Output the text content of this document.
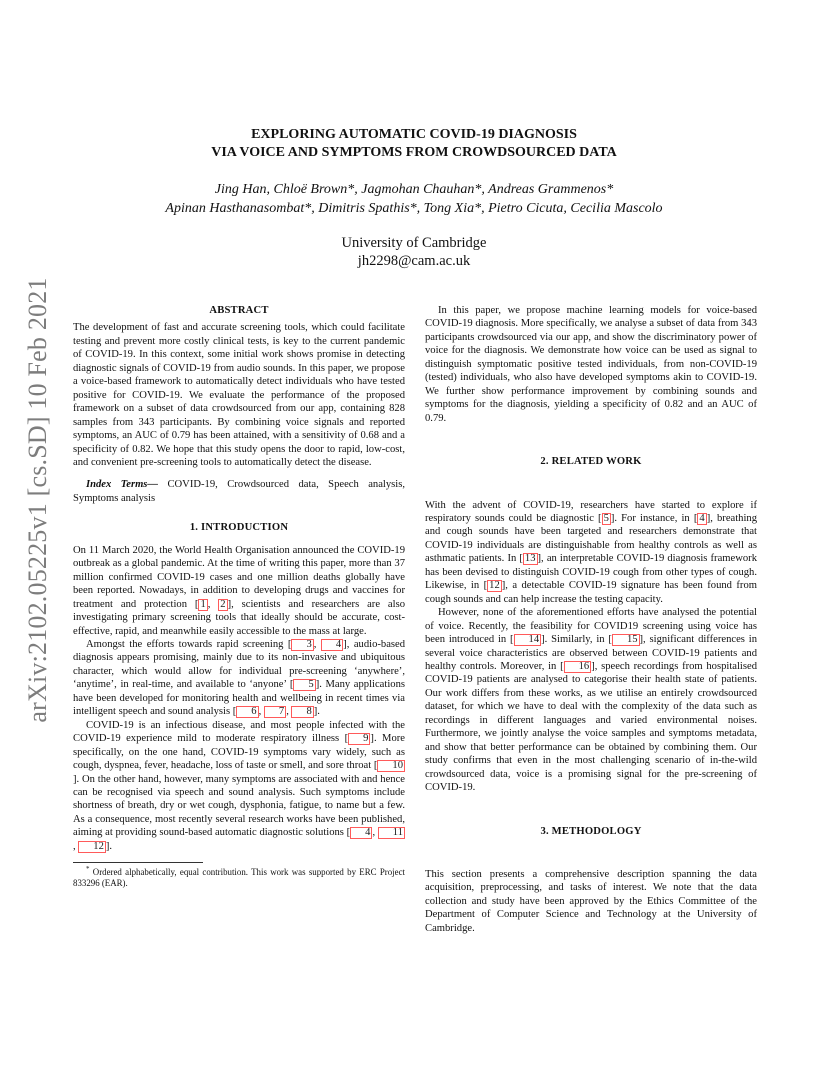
arXiv:2102.05225v1 [cs.SD] 10 Feb 2021
EXPLORING AUTOMATIC COVID-19 DIAGNOSIS
VIA VOICE AND SYMPTOMS FROM CROWDSOURCED DATA
Jing Han, Chloë Brown*, Jagmohan Chauhan*, Andreas Grammenos*
Apinan Hasthanasombat*, Dimitris Spathis*, Tong Xia*, Pietro Cicuta, Cecilia Mascolo
University of Cambridge
jh2298@cam.ac.uk
ABSTRACT

The development of fast and accurate screening tools, which could facilitate testing and prevent more costly clinical tests, is key to the current pandemic of COVID-19. In this context, some initial work shows promise in detecting diagnostic signals of COVID-19 from audio sounds. In this paper, we propose a voice-based framework to automatically detect individuals who have tested positive for COVID-19. We evaluate the performance of the proposed framework on a subset of data crowdsourced from our app, containing 828 samples from 343 participants. By combining voice signals and reported symptoms, an AUC of 0.79 has been attained, with a sensitivity of 0.68 and a specificity of 0.82. We hope that this study opens the door to rapid, low-cost, and convenient pre-screening tools to automatically detect the disease.

Index Terms— COVID-19, Crowdsourced data, Speech analysis, Symptoms analysis

1. INTRODUCTION

On 11 March 2020, the World Health Organisation announced the COVID-19 outbreak as a global pandemic. At the time of writing this paper, more than 37 million confirmed COVID-19 cases and one million deaths globally have been reported. Nowadays, in addition to developing drugs and vaccines for treatment and protection [ 1 , 2 ], scientists and researchers are also investigating primary screening tools that ideally should be accurate, cost-effective, rapid, and meanwhile easily accessible to the mass at large.

Amongst the efforts towards rapid screening [ 3 , 4 ], audio-based diagnosis appears promising, mainly due to its non-invasive and ubiquitous character, which would allow for individual pre-screening ‘anywhere’, ‘anytime’, in real-time, and available to ‘anyone’ [ 5 ]. Many applications have been developed for monitoring health and wellbeing in recent times via intelligent speech and sound analysis [ 6 , 7 , 8 ].

COVID-19 is an infectious disease, and most people infected with the COVID-19 experience mild to moderate respiratory illness [ 9 ]. More specifically, on the one hand, COVID-19 symptoms vary widely, such as cough, dyspnea, fever, headache, loss of taste or smell, and sore throat [ 10]. On the other hand, however, many symptoms are associated with and hence can be recognised via speech and sound analysis. Such symptoms include shortness of breath, dry or wet cough, dysphonia, fatigue, to name but a few. As a consequence, most recently several research works have been published, aiming at providing sound-based automatic diagnostic solutions [ 4 , 11, 12 ].

* Ordered alphabetically, equal contribution. This work was supported by ERC Project 833296 (EAR).

In this paper, we propose machine learning models for voice-based COVID-19 diagnosis. More specifically, we analyse a subset of data from 343 participants crowdsourced via our app, and show the discriminatory power of voice for the diagnosis. We demonstrate how voice can be used as signal to distinguish symptomatic positive tested individuals, from non-COVID-19 (tested) individuals, who also have developed symptoms akin to COVID-19. We further show performance improvement by combining sounds and symptoms for the diagnosis, yielding a specificity of 0.82 and an AUC of 0.79.

2. RELATED WORK

With the advent of COVID-19, researchers have started to explore if respiratory sounds could be diagnostic [ 5 ]. For instance, in [ 4 ], breathing and cough sounds have been targeted and researchers demonstrate that COVID-19 individuals are distinguishable from healthy controls as well as asthmatic patients. In [ 13 ], an interpretable COVID-19 diagnosis framework has been devised to distinguish COVID-19 cough from other types of cough. Likewise, in [ 12 ], a detectable COVID-19 signature has been found from cough sounds and can help increase the testing capacity.

However, none of the aforementioned efforts have analysed the potential of voice. Recently, the feasibility for COVID19 screening using voice has been introduced in [ 14 ]. Similarly, in [ 15 ], significant differences in several voice characteristics are observed between COVID-19 patients and healthy controls. Moreover, in [ 16 ], speech recordings from hospitalised COVID-19 patients are analysed to categorise their health state of patients. Our work differs from these works, as we utilise an entirely crowdsourced dataset, for which we have to deal with the complexity of the data such as recordings in different languages and varied environmental noises. Furthermore, we jointly analyse the voice samples and symptoms metadata, and show that better performance can be obtained by combining them. Our study confirms that even in the most challenging scenario of in-the-wild crowdsourced data, voice is a promising signal for the pre-screening of COVID-19.

3. METHODOLOGY

This section presents a comprehensive description spanning the data acquisition, preprocessing, and tasks of interest. We note that the data collection and study have been approved by the Ethics Committee of the Department of Computer Science and Technology at the University of Cambridge.
